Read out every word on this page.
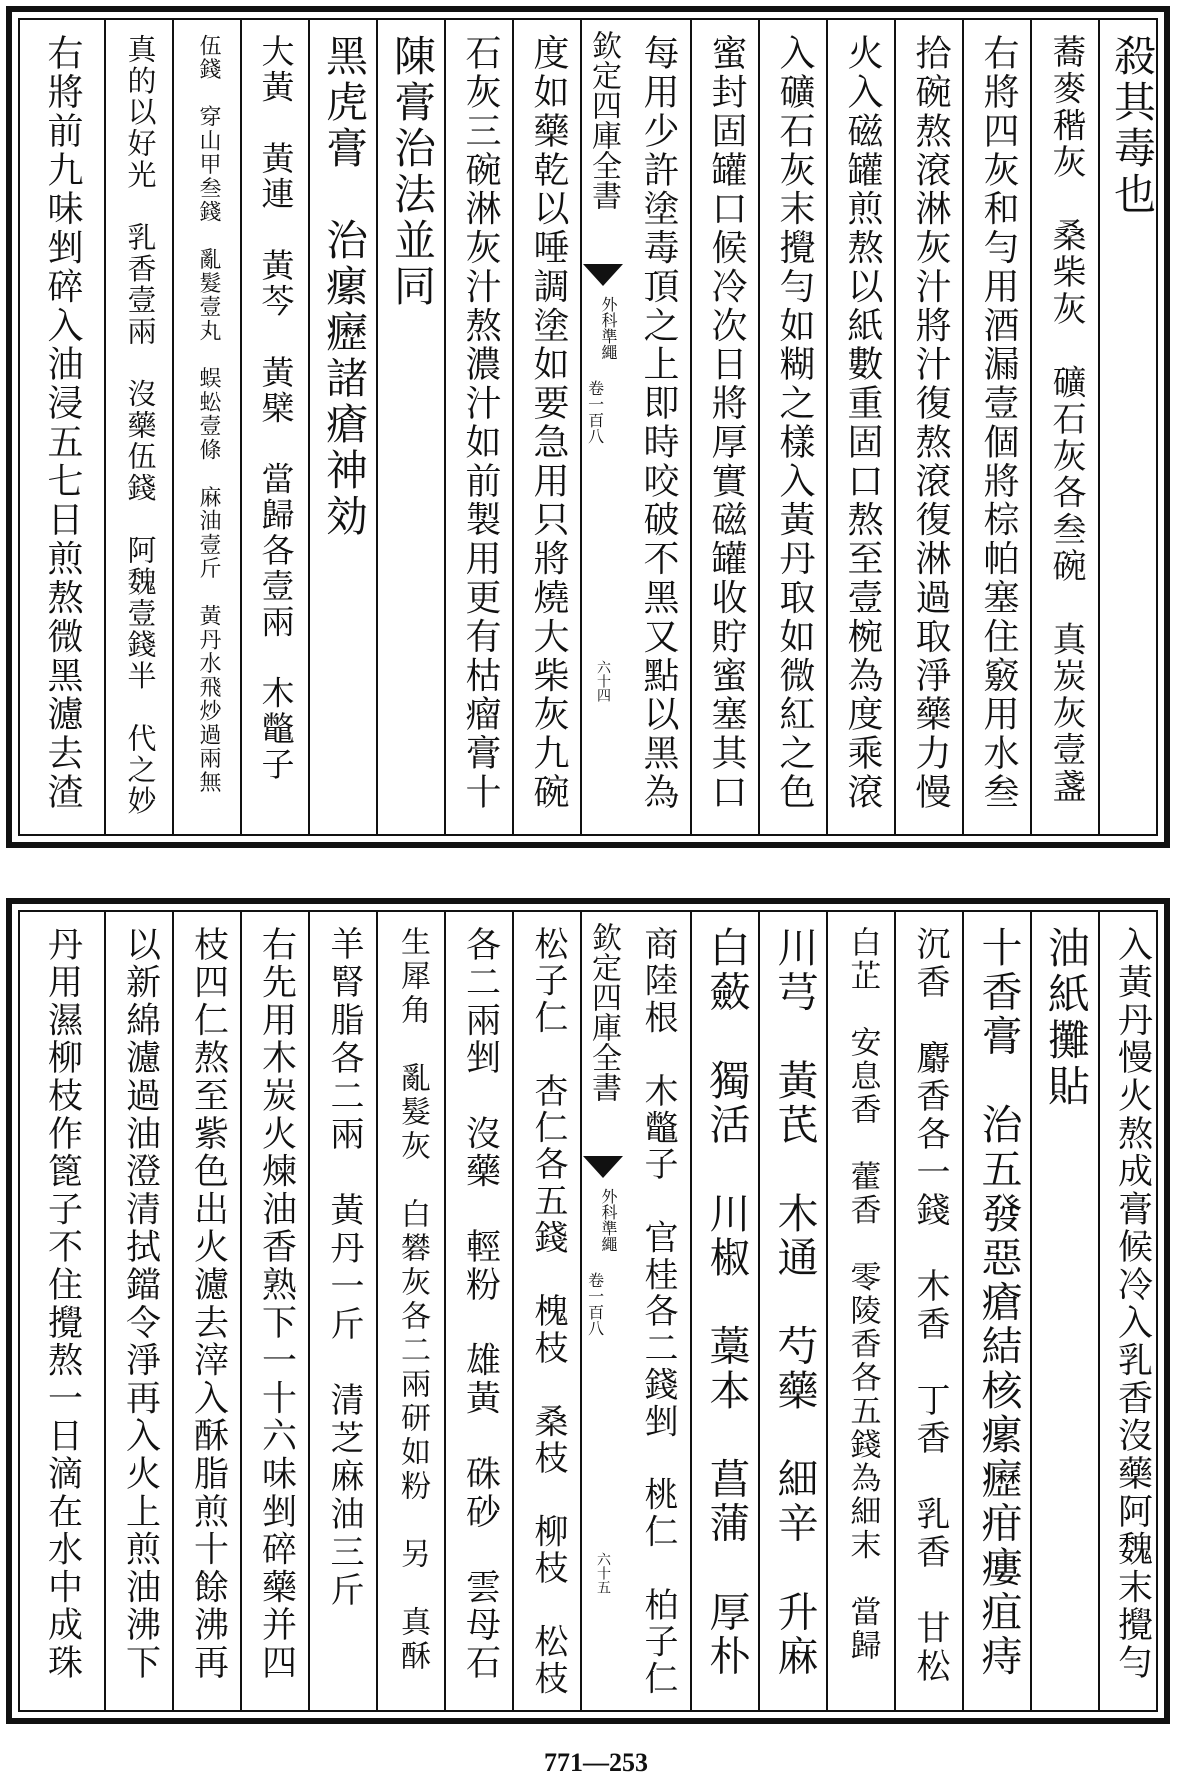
殺其毒也
蕎麥稭灰　桑柴灰　礦石灰各叁碗　真炭灰壹盞
右將四灰和勻用酒漏壹個將棕帕塞住竅用水叁
拾碗熬滾淋灰汁將汁復熬滾復淋過取淨藥力慢
火入磁罐煎熬以紙數重固口熬至壹椀為度乘滾
入礦石灰末攪勻如糊之樣入黃丹取如微紅之色
蜜封固罐口候冷次日將厚實磁罐收貯蜜塞其口
每用少許塗毒頂之上即時咬破不黑又點以黑為
欽定四庫全書
外科準繩
卷一百八
六十四
度如藥乾以唾調塗如要急用只將燒大柴灰九碗
石灰三碗淋灰汁熬濃汁如前製用更有枯瘤膏十
陳膏治法並同
黑虎膏　治瘰癧諸瘡神効
大黃　黃連　黃芩　黃檗　當歸各壹兩　木鼈子
伍錢　穿山甲叁錢　亂髮壹丸　蜈蚣壹條　麻油壹斤　黃丹水飛炒過兩無
真的以好光　乳香壹兩　沒藥伍錢　阿魏壹錢半　代之妙
右將前九味剉碎入油浸五七日煎熬微黑濾去渣
入黃丹慢火熬成膏候冷入乳香沒藥阿魏末攪勻
油紙攤貼
十香膏　治五發惡瘡結核瘰癧疳瘻疽痔
沉香　麝香各一錢　木香　丁香　乳香　甘松
白芷　安息香　藿香　零陵香各五錢為細末　當歸
川芎　黃芪　木通　芍藥　細辛　升麻
白蘞　獨活　川椒　藁本　菖蒲　厚朴
商陸根　木鼈子　官桂各二錢剉　桃仁　柏子仁
欽定四庫全書
外科準繩
卷一百八
六十五
松子仁　杏仁各五錢　槐枝　桑枝　柳枝　松枝
各二兩剉　沒藥　輕粉　雄黃　硃砂　雲母石
生犀角　亂髮灰　白礬灰各二兩研如粉　另　真酥
羊腎脂各二兩　黃丹一斤　清芝麻油三斤
右先用木炭火煉油香熟下一十六味剉碎藥并四
枝四仁熬至紫色出火濾去滓入酥脂煎十餘沸再
以新綿濾過油澄清拭鐺令淨再入火上煎油沸下
丹用濕柳枝作篦子不住攪熬一日滴在水中成珠
771—253
